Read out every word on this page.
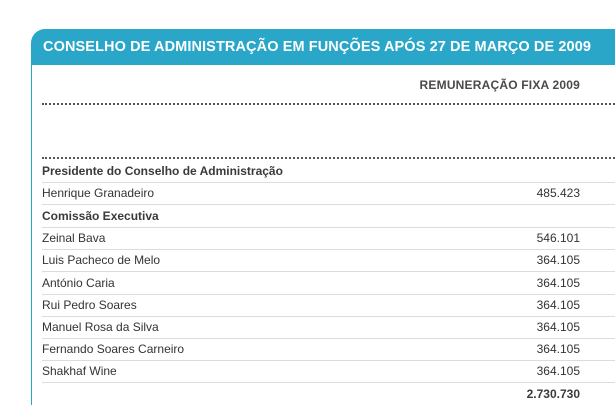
CONSELHO DE ADMINISTRAÇÃO EM FUNÇÕES APÓS 27 DE MARÇO DE 2009
REMUNERAÇÃO FIXA 2009
Presidente do Conselho de Administração
Henrique Granadeiro	485.423
Comissão Executiva
Zeinal Bava	546.101
Luis Pacheco de Melo	364.105
António Caria	364.105
Rui Pedro Soares	364.105
Manuel Rosa da Silva	364.105
Fernando Soares Carneiro	364.105
Shakhaf Wine	364.105
2.730.730
